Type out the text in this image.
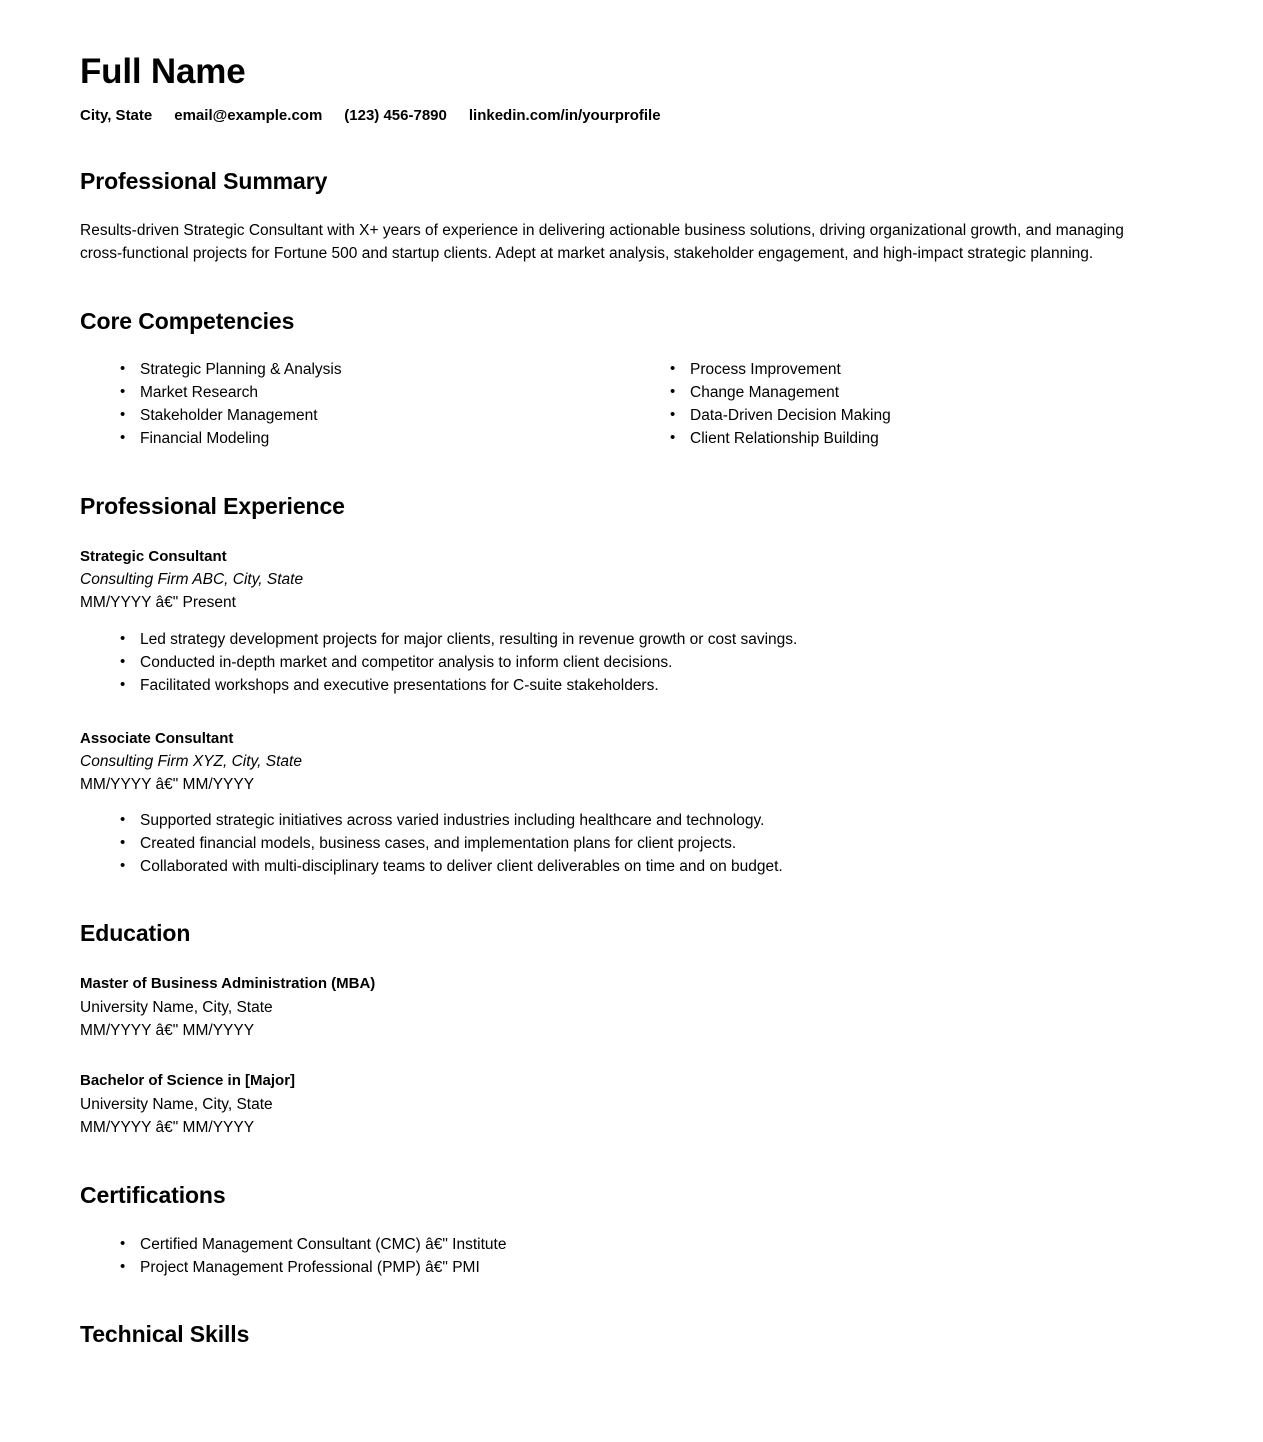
Full Name
City, State email@example.com (123) 456-7890 linkedin.com/in/yourprofile
Professional Summary

Results-driven Strategic Consultant with X+ years of experience in delivering actionable business solutions, driving organizational growth, and managing cross-functional projects for Fortune 500 and startup clients. Adept at market analysis, stakeholder engagement, and high-impact strategic planning.

Core Competencies
• Strategic Planning & Analysis
• Market Research
• Stakeholder Management
• Financial Modeling
• Process Improvement
• Change Management
• Data-Driven Decision Making
• Client Relationship Building
Professional Experience

Strategic Consultant

Consulting Firm ABC, City, State

MM/YYYY â€" Present

• Led strategy development projects for major clients, resulting in revenue growth or cost savings.
• Conducted in-depth market and competitor analysis to inform client decisions.
• Facilitated workshops and executive presentations for C-suite stakeholders.

Associate Consultant

Consulting Firm XYZ, City, State

MM/YYYY â€" MM/YYYY

• Supported strategic initiatives across varied industries including healthcare and technology.
• Created financial models, business cases, and implementation plans for client projects.
• Collaborated with multi-disciplinary teams to deliver client deliverables on time and on budget.
Education

Master of Business Administration (MBA)

University Name, City, State

MM/YYYY â€" MM/YYYY

Bachelor of Science in [Major]

University Name, City, State

MM/YYYY â€" MM/YYYY

Certifications
• Certified Management Consultant (CMC) â€" Institute
• Project Management Professional (PMP) â€" PMI
Technical Skills
